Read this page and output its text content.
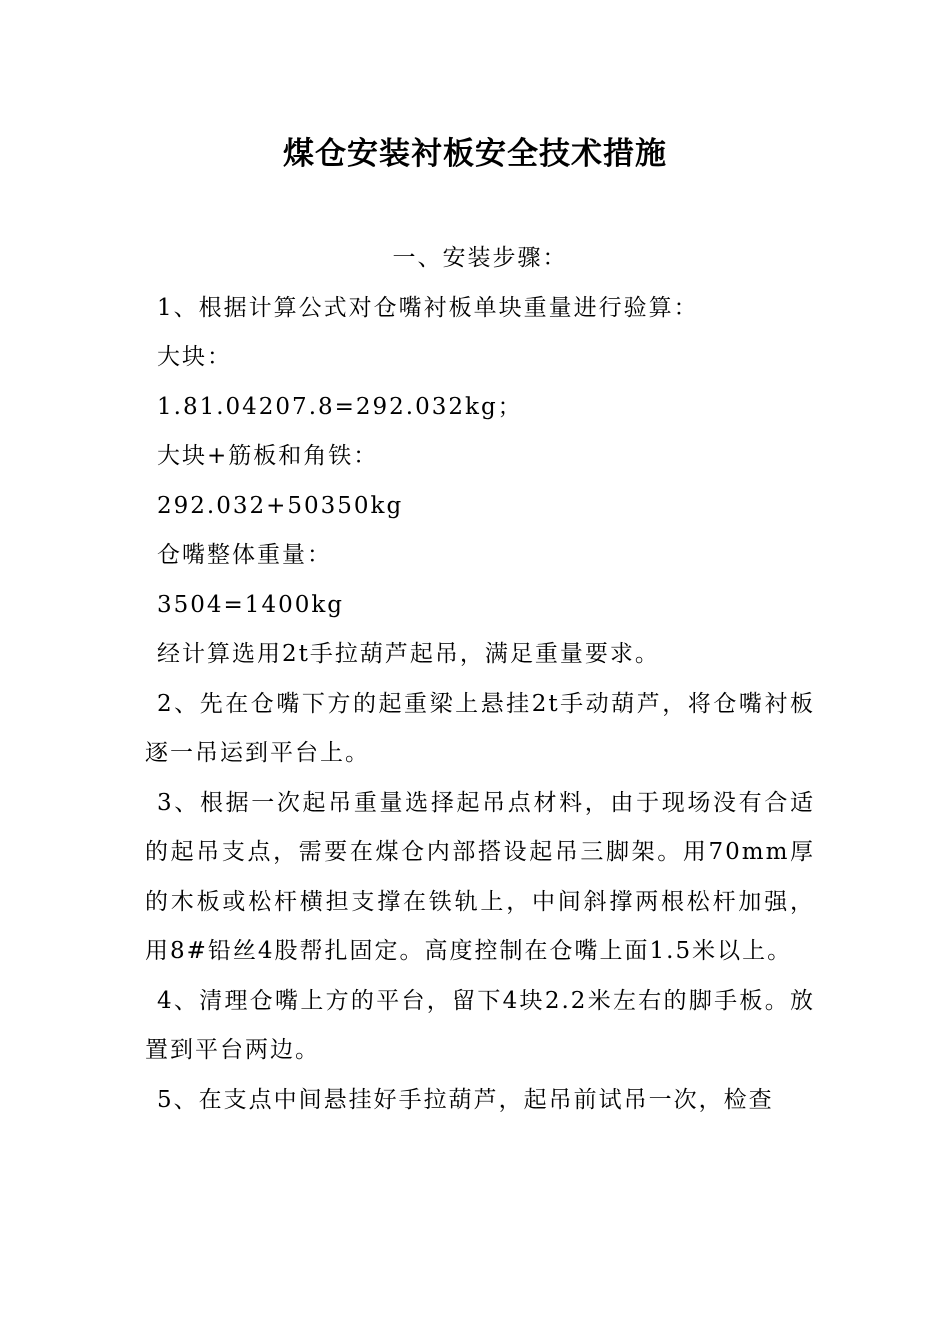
煤仓安装衬板安全技术措施

一、安装步骤：

1、根据计算公式对仓嘴衬板单块重量进行验算：

大块：

1.81.04207.8=292.032kg；

大块+筋板和角铁：

292.032+50350kg

仓嘴整体重量：

3504=1400kg

经计算选用2t手拉葫芦起吊，满足重量要求。

2、先在仓嘴下方的起重梁上悬挂2t手动葫芦，将仓嘴衬板逐一吊运到平台上。

3、根据一次起吊重量选择起吊点材料，由于现场没有合适的起吊支点，需要在煤仓内部搭设起吊三脚架。用70mm厚的木板或松杆横担支撑在铁轨上，中间斜撑两根松杆加强，用8#铅丝4股帮扎固定。高度控制在仓嘴上面1.5米以上。

4、清理仓嘴上方的平台，留下4块2.2米左右的脚手板。放置到平台两边。

5、在支点中间悬挂好手拉葫芦，起吊前试吊一次，检查
